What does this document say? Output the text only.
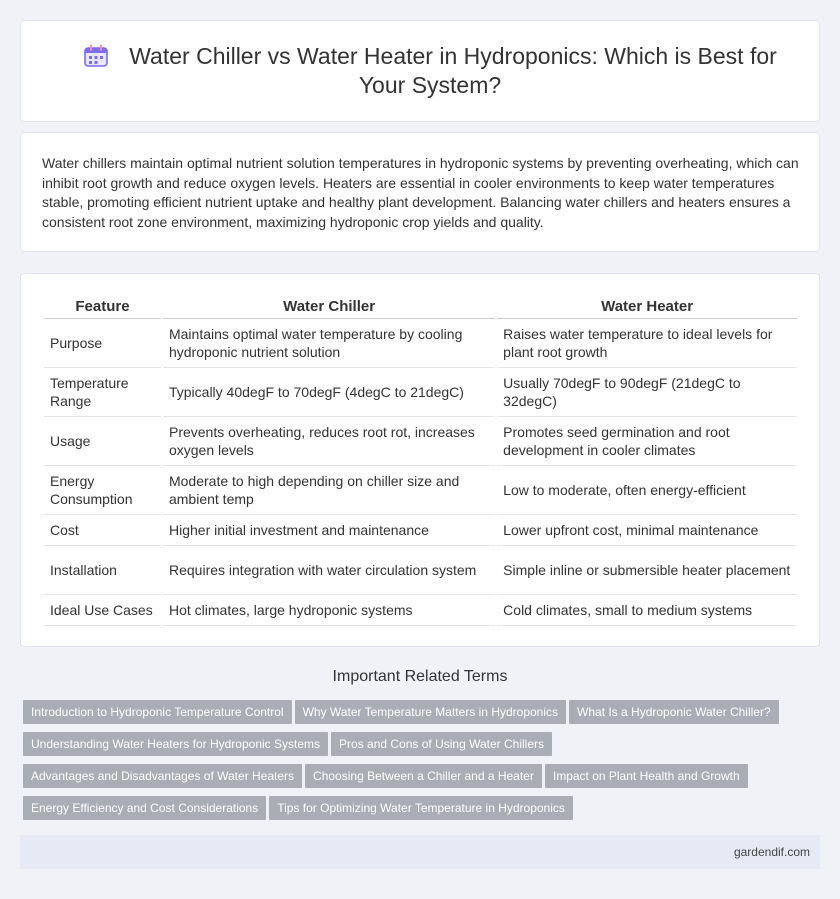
Water Chiller vs Water Heater in Hydroponics: Which is Best for Your System?
Water chillers maintain optimal nutrient solution temperatures in hydroponic systems by preventing overheating, which can inhibit root growth and reduce oxygen levels. Heaters are essential in cooler environments to keep water temperatures stable, promoting efficient nutrient uptake and healthy plant development. Balancing water chillers and heaters ensures a consistent root zone environment, maximizing hydroponic crop yields and quality.
Feature	Water Chiller	Water Heater
Purpose	Maintains optimal water temperature by cooling hydroponic nutrient solution	Raises water temperature to ideal levels for plant root growth
Temperature Range	Typically 40degF to 70degF (4degC to 21degC)	Usually 70degF to 90degF (21degC to 32degC)
Usage	Prevents overheating, reduces root rot, increases oxygen levels	Promotes seed germination and root development in cooler climates
Energy Consumption	Moderate to high depending on chiller size and ambient temp	Low to moderate, often energy-efficient
Cost	Higher initial investment and maintenance	Lower upfront cost, minimal maintenance
Installation	Requires integration with water circulation system	Simple inline or submersible heater placement
Ideal Use Cases	Hot climates, large hydroponic systems	Cold climates, small to medium systems
Important Related Terms
Introduction to Hydroponic Temperature Control Why Water Temperature Matters in Hydroponics What Is a Hydroponic Water Chiller?
Understanding Water Heaters for Hydroponic Systems Pros and Cons of Using Water Chillers
Advantages and Disadvantages of Water Heaters Choosing Between a Chiller and a Heater Impact on Plant Health and Growth
Energy Efficiency and Cost Considerations Tips for Optimizing Water Temperature in Hydroponics
gardendif.com
